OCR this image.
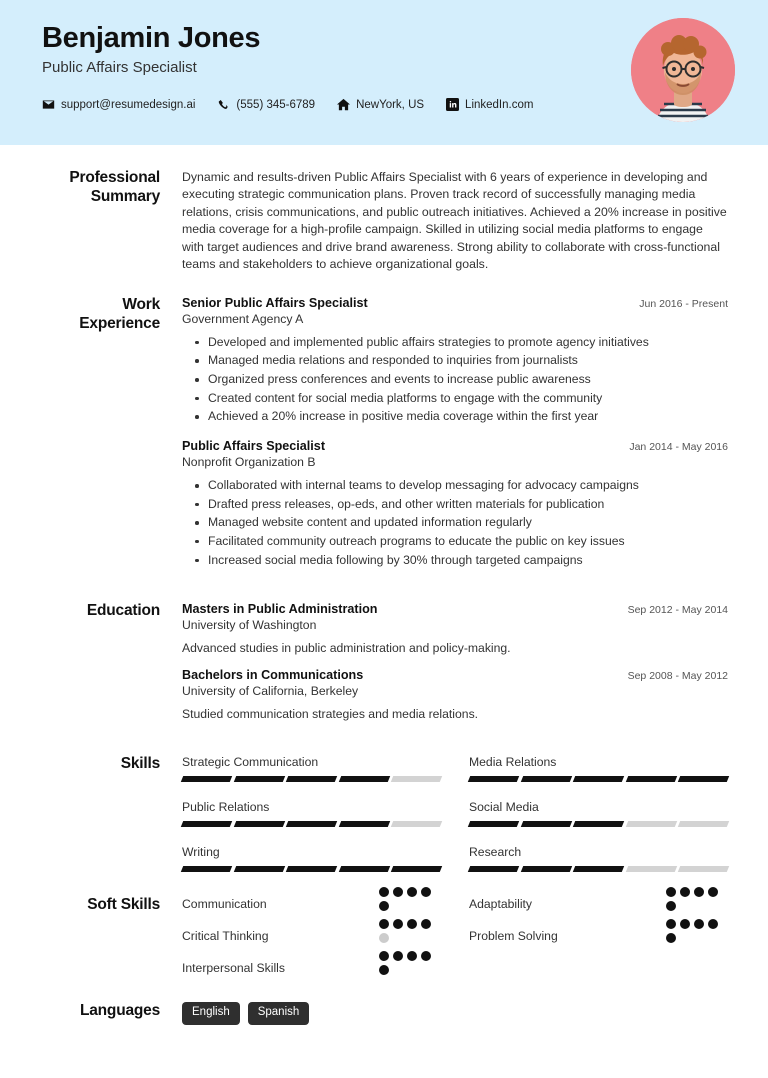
Benjamin Jones
Public Affairs Specialist
support@resumedesign.ai	(555) 345-6789	NewYork, US	LinkedIn.com
Professional Summary

Dynamic and results-driven Public Affairs Specialist with 6 years of experience in developing and executing strategic communication plans. Proven track record of successfully managing media relations, crisis communications, and public outreach initiatives. Achieved a 20% increase in positive media coverage for a high-profile campaign. Skilled in utilizing social media platforms to engage with target audiences and drive brand awareness. Strong ability to collaborate with cross-functional teams and stakeholders to achieve organizational goals.

Work Experience
Senior Public Affairs Specialist	Jun 2016 - Present
Government Agency A
Developed and implemented public affairs strategies to promote agency initiatives
Managed media relations and responded to inquiries from journalists
Organized press conferences and events to increase public awareness
Created content for social media platforms to engage with the community
Achieved a 20% increase in positive media coverage within the first year
Public Affairs Specialist	Jan 2014 - May 2016
Nonprofit Organization B
Collaborated with internal teams to develop messaging for advocacy campaigns
Drafted press releases, op-eds, and other written materials for publication
Managed website content and updated information regularly
Facilitated community outreach programs to educate the public on key issues
Increased social media following by 30% through targeted campaigns
Education	Masters in Public Administration	Sep 2012 - May 2014
University of Washington
Advanced studies in public administration and policy-making.
Bachelors in Communications	Sep 2008 - May 2012
University of California, Berkeley
Studied communication strategies and media relations.
Skills	Strategic Communication	Media Relations
Public Relations	Social Media
Writing	Research
Soft Skills	Communication	Adaptability
Critical Thinking	Problem Solving
Interpersonal Skills
Languages	English	Spanish
